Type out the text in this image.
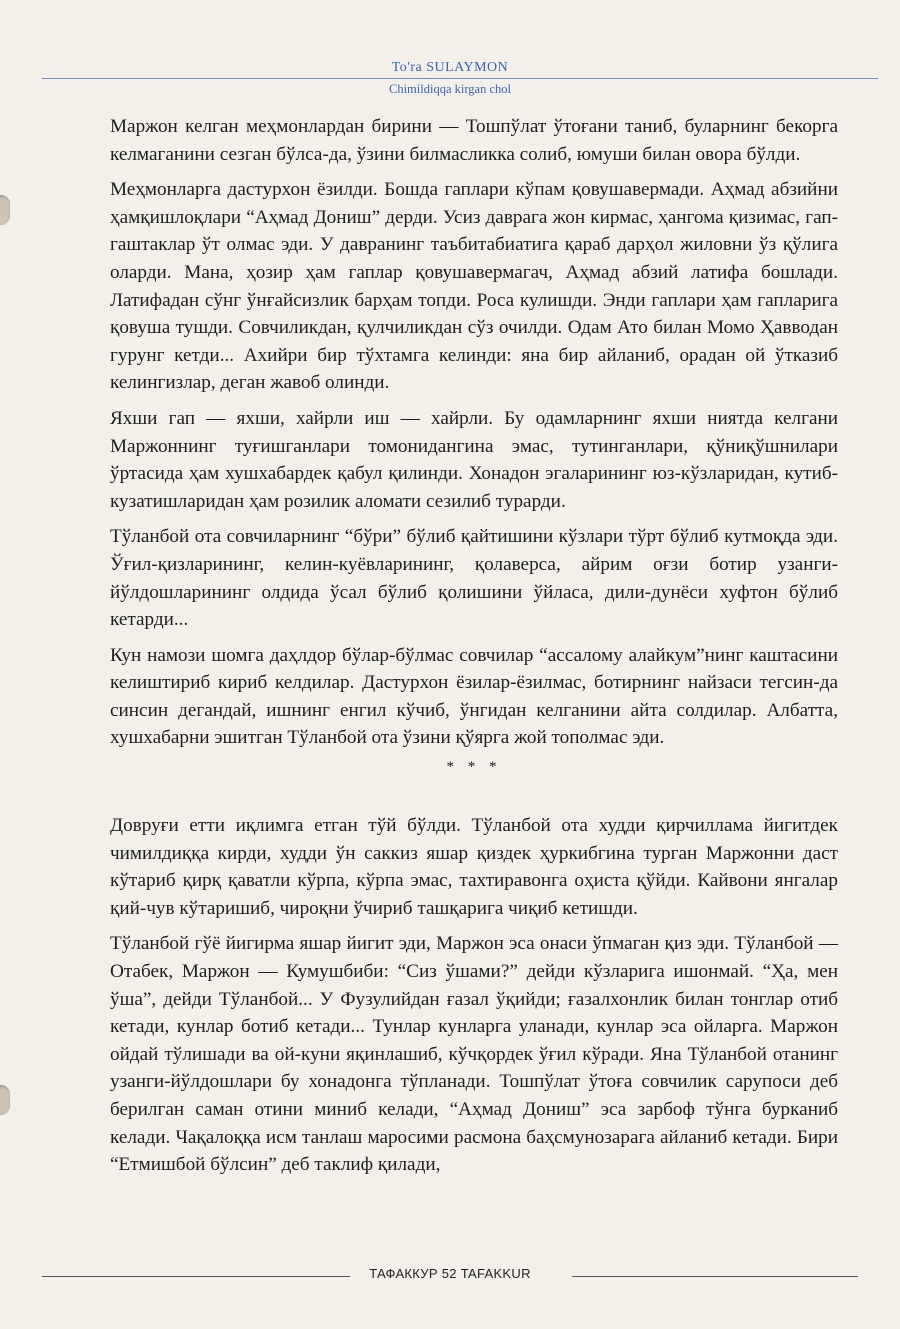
To'ra SULAYMON
Chimildiqqa kirgan chol

Маржон келган меҳмонлардан бирини — Тошпўлат ўтоғани таниб, буларнинг бекорга келмаганини сезган бўлса-да, ўзини билмасликка солиб, юмуши билан овора бўлди.

Меҳмонларга дастурхон ёзилди. Бошда гаплари кўпам қовушавермади. Аҳмад абзийни ҳамқишлоқлари “Аҳмад Дониш” дерди. Усиз даврага жон кирмас, ҳангома қизимас, гап-гаштаклар ўт олмас эди. У давранинг таъбитабиатига қараб дарҳол жиловни ўз қўлига оларди. Мана, ҳозир ҳам гаплар қовушавермагач, Аҳмад абзий латифа бошлади. Латифадан сўнг ўнғайсизлик барҳам топди. Роса кулишди. Энди гаплари ҳам гапларига қовуша тушди. Совчиликдан, қулчиликдан сўз очилди. Одам Ато билан Момо Ҳавводан гурунг кетди... Ахийри бир тўхтамга келинди: яна бир айланиб, орадан ой ўтказиб келингизлар, деган жавоб олинди.

Яхши гап — яхши, хайрли иш — хайрли. Бу одамларнинг яхши ниятда келгани Маржоннинг туғишганлари томонидангина эмас, тутинганлари, қўниқўшнилари ўртасида ҳам хушхабардек қабул қилинди. Хонадон эгаларининг юз-кўзларидан, кутиб-кузатишларидан ҳам розилик аломати сезилиб турарди.

Тўланбой ота совчиларнинг “бўри” бўлиб қайтишини кўзлари тўрт бўлиб кутмоқда эди. Ўғил-қизларининг, келин-куёвларининг, қолаверса, айрим оғзи ботир узанги-йўлдошларининг олдида ўсал бўлиб қолишини ўйласа, дили-дунёси хуфтон бўлиб кетарди...

Кун намози шомга даҳлдор бўлар-бўлмас совчилар “ассалому алайкум”нинг каштасини келиштириб кириб келдилар. Дастурхон ёзилар-ёзилмас, ботирнинг найзаси тегсин-да синсин дегандай, ишнинг енгил кўчиб, ўнгидан келганини айта солдилар. Албатта, хушхабарни эшитган Тўланбой ота ўзини қўярга жой тополмас эди.

* * *

Довруғи етти иқлимга етган тўй бўлди. Тўланбой ота худди қирчиллама йигитдек чимилдиққа кирди, худди ўн саккиз яшар қиздек ҳуркибгина турган Маржонни даст кўтариб қирқ қаватли кўрпа, кўрпа эмас, тахтиравонга оҳиста қўйди. Кайвони янгалар қий-чув кўтаришиб, чироқни ўчириб ташқарига чиқиб кетишди.

Тўланбой гўё йигирма яшар йигит эди, Маржон эса онаси ўпмаган қиз эди. Тўланбой — Отабек, Маржон — Кумушбиби: “Сиз ўшами?” дейди кўзларига ишонмай. “Ҳа, мен ўша”, дейди Тўланбой... У Фузулийдан ғазал ўқийди; ғазалхонлик билан тонглар отиб кетади, кунлар ботиб кетади... Тунлар кунларга уланади, кунлар эса ойларга. Маржон ойдай тўлишади ва ой-куни яқинлашиб, кўчқордек ўғил кўради. Яна Тўланбой отанинг узанги-йўлдошлари бу хонадонга тўпланади. Тошпўлат ўтоға совчилик сарупоси деб берилган саман отини миниб келади, “Аҳмад Дониш” эса зарбоф тўнга бурканиб келади. Чақалоққа исм танлаш маросими расмона баҳсмунозарага айланиб кетади. Бири “Етмишбой бўлсин” деб таклиф қилади,

ТАФАККУР 52 TAFAKKUR
